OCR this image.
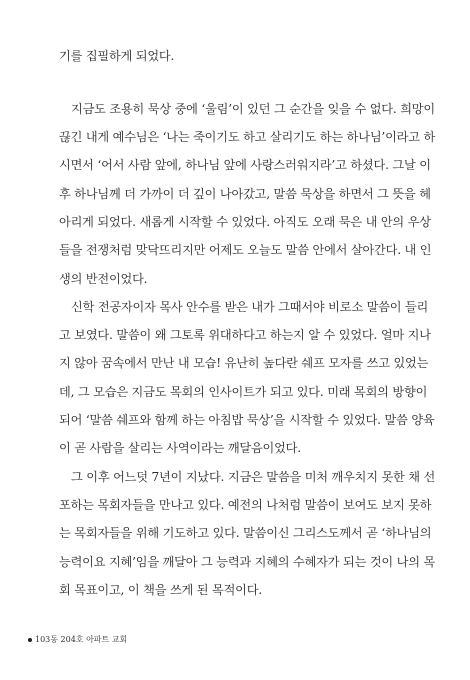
기를 집필하게 되었다.
지금도 조용히 묵상 중에 ‘울림’이 있던 그 순간을 잊을 수 없다. 희망이
끊긴 내게 예수님은 ‘나는 죽이기도 하고 살리기도 하는 하나님’이라고 하
시면서 ‘어서 사람 앞에, 하나님 앞에 사랑스러워지라’고 하셨다. 그날 이
후 하나님께 더 가까이 더 깊이 나아갔고, 말씀 묵상을 하면서 그 뜻을 헤
아리게 되었다. 새롭게 시작할 수 있었다. 아직도 오래 묵은 내 안의 우상
들을 전쟁처럼 맞닥뜨리지만 어제도 오늘도 말씀 안에서 살아간다. 내 인
생의 반전이었다.
신학 전공자이자 목사 안수를 받은 내가 그때서야 비로소 말씀이 들리
고 보였다. 말씀이 왜 그토록 위대하다고 하는지 알 수 있었다. 얼마 지나
지 않아 꿈속에서 만난 내 모습! 유난히 높다란 쉐프 모자를 쓰고 있었는
데, 그 모습은 지금도 목회의 인사이트가 되고 있다. 미래 목회의 방향이
되어 ‘말씀 쉐프와 함께 하는 아침밥 묵상’을 시작할 수 있었다. 말씀 양육
이 곧 사람을 살리는 사역이라는 깨달음이었다.
그 이후 어느덧 7년이 지났다. 지금은 말씀을 미처 깨우치지 못한 채 선
포하는 목회자들을 만나고 있다. 예전의 나처럼 말씀이 보여도 보지 못하
는 목회자들을 위해 기도하고 있다. 말씀이신 그리스도께서 곧 ‘하나님의
능력이요 지혜’임을 깨달아 그 능력과 지혜의 수혜자가 되는 것이 나의 목
회 목표이고, 이 책을 쓰게 된 목적이다.
103동 204호 아파트 교회
